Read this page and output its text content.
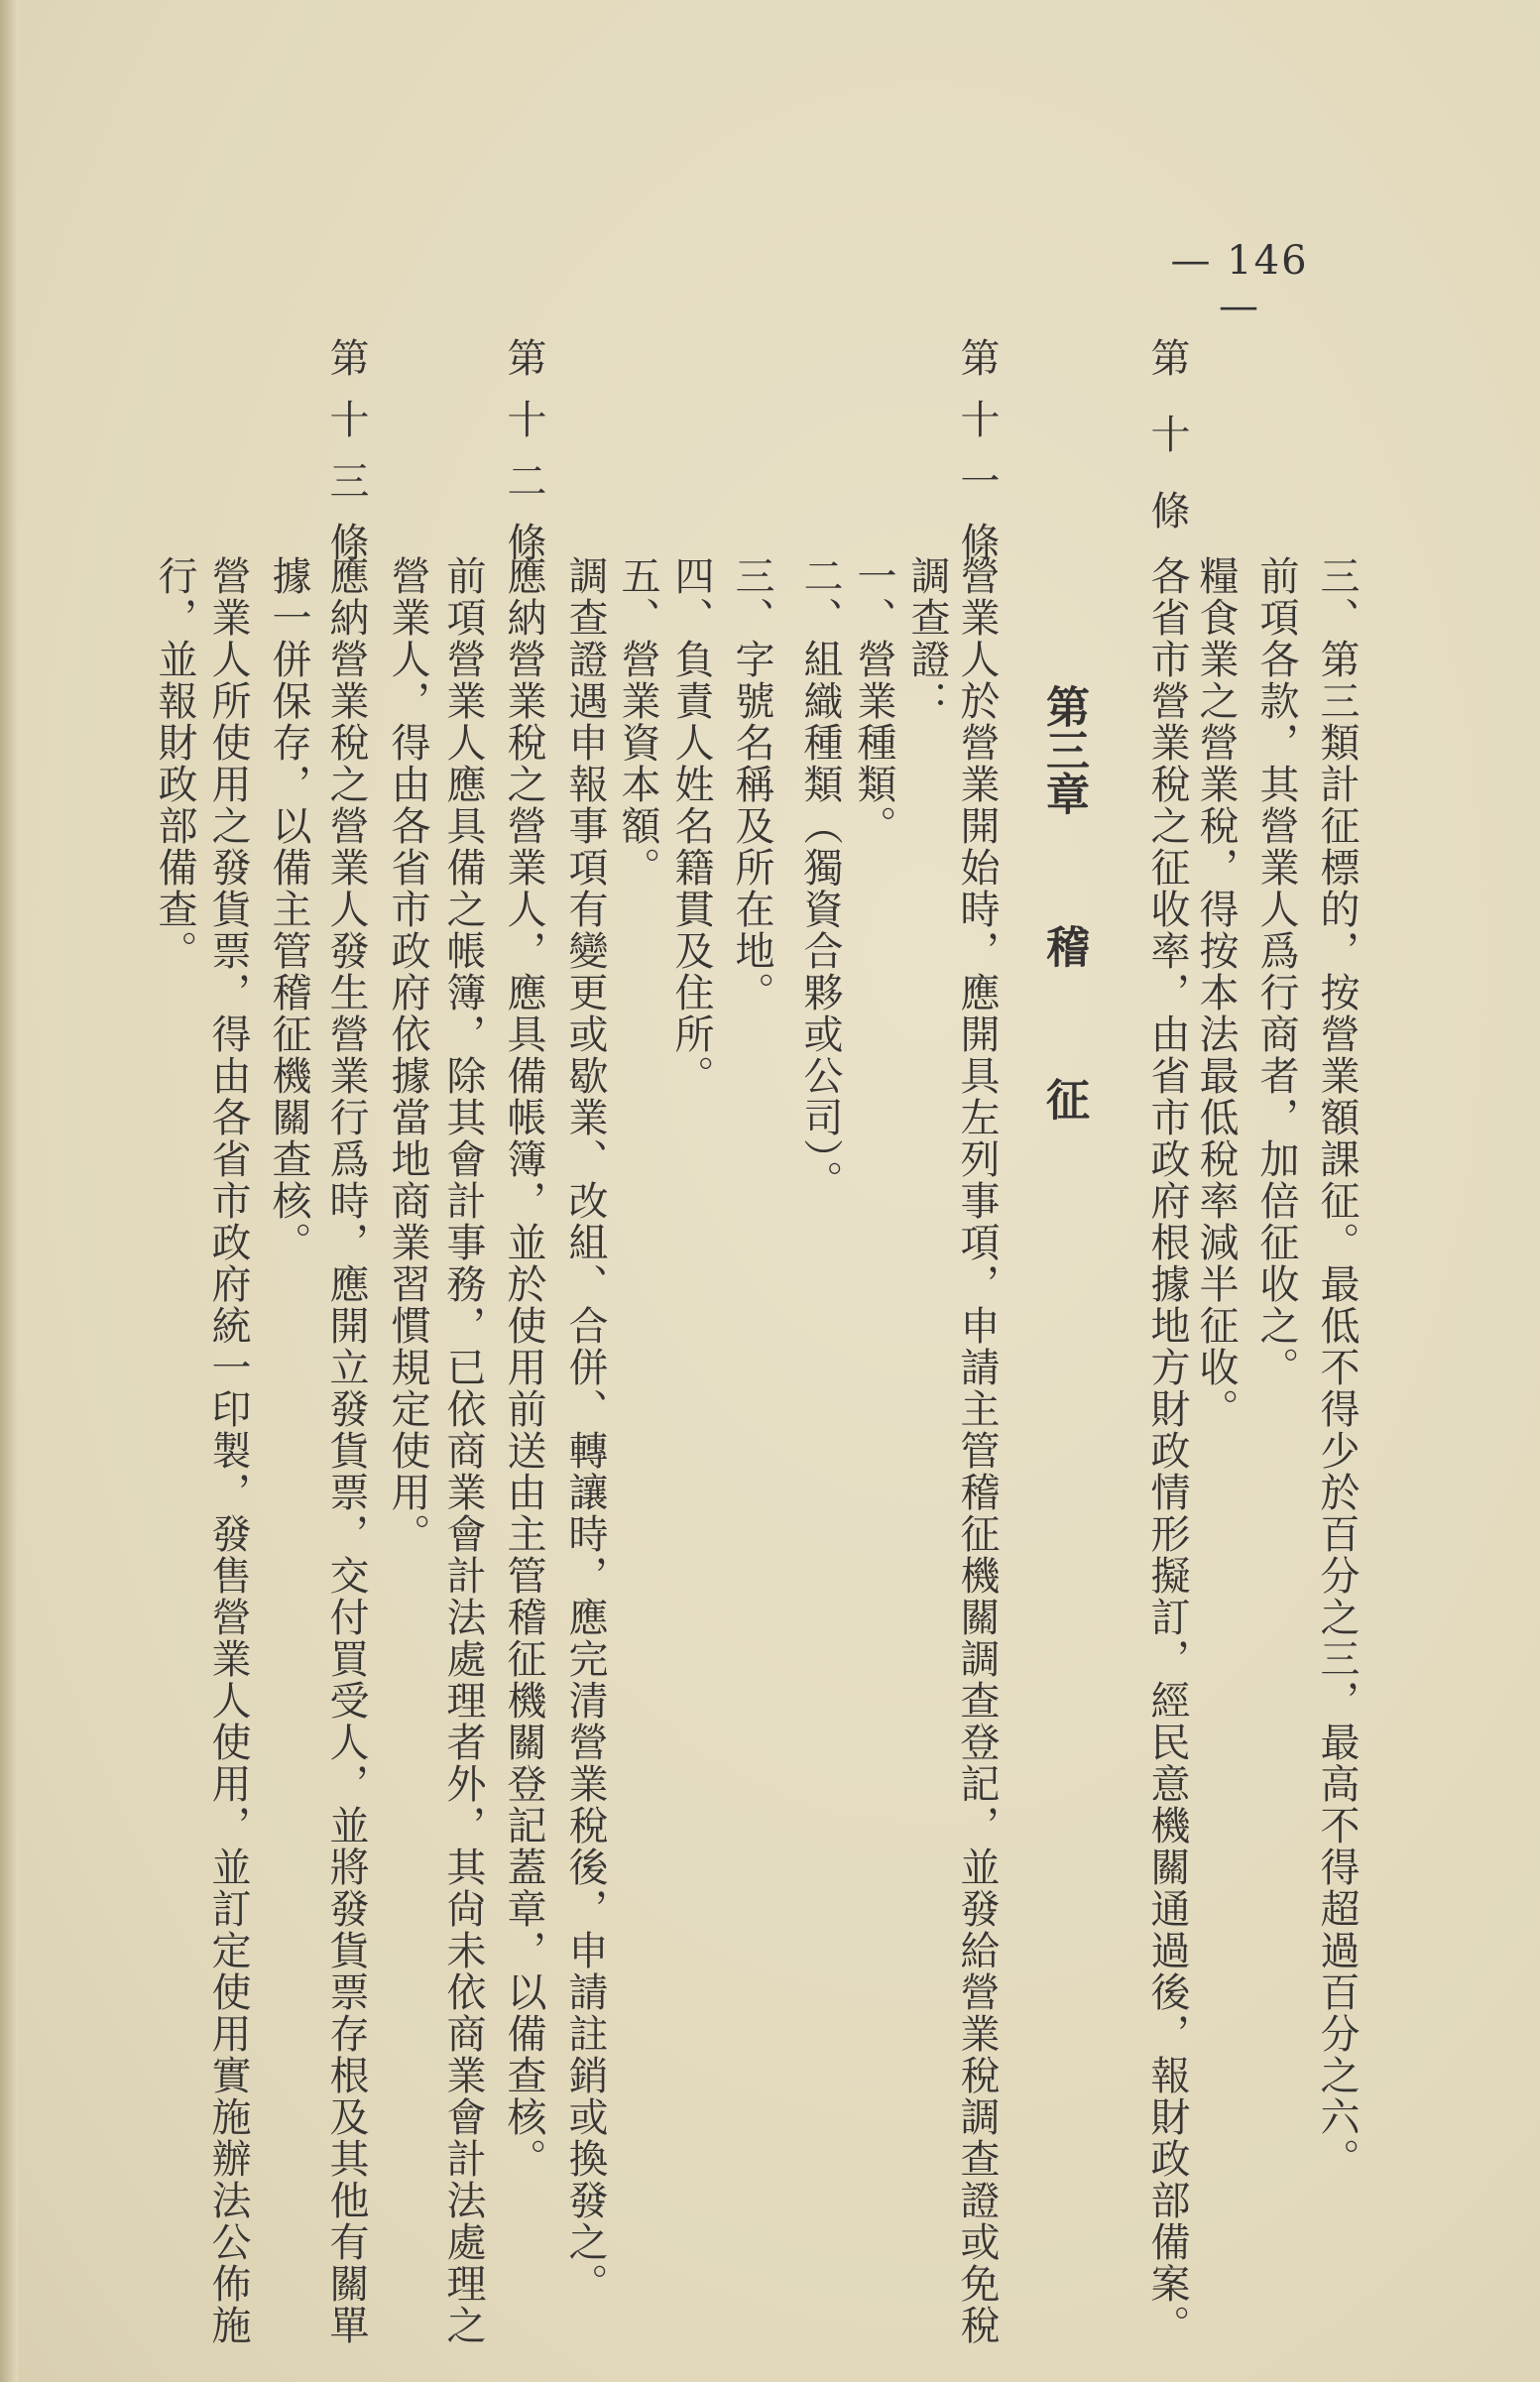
— 146 —
三、第三類計征標的，按營業額課征。最低不得少於百分之三，最高不得超過百分之六。
前項各款，其營業人爲行商者，加倍征收之。
糧食業之營業稅，得按本法最低稅率減半征收。
第十條
各省市營業稅之征收率，由省市政府根據地方財政情形擬訂，經民意機關通過後，報財政部備案。
第三章稽征
第十一條
營業人於營業開始時，應開具左列事項，申請主管稽征機關調查登記，並發給營業稅調查證或免稅
調查證：
一、營業種類。
二、組織種類（獨資合夥或公司）。
三、字號名稱及所在地。
四、負責人姓名籍貫及住所。
五、營業資本額。
調查證遇申報事項有變更或歇業、改組、合併、轉讓時，應完清營業稅後，申請註銷或換發之。
第十二條
應納營業稅之營業人，應具備帳簿，並於使用前送由主管稽征機關登記蓋章，以備查核。
前項營業人應具備之帳簿，除其會計事務，已依商業會計法處理者外，其尙未依商業會計法處理之
營業人，得由各省市政府依據當地商業習慣規定使用。
第十三條
應納營業稅之營業人發生營業行爲時，應開立發貨票，交付買受人，並將發貨票存根及其他有關單
據一併保存，以備主管稽征機關查核。
營業人所使用之發貨票，得由各省市政府統一印製，發售營業人使用，並訂定使用實施辦法公佈施
行，並報財政部備查。
